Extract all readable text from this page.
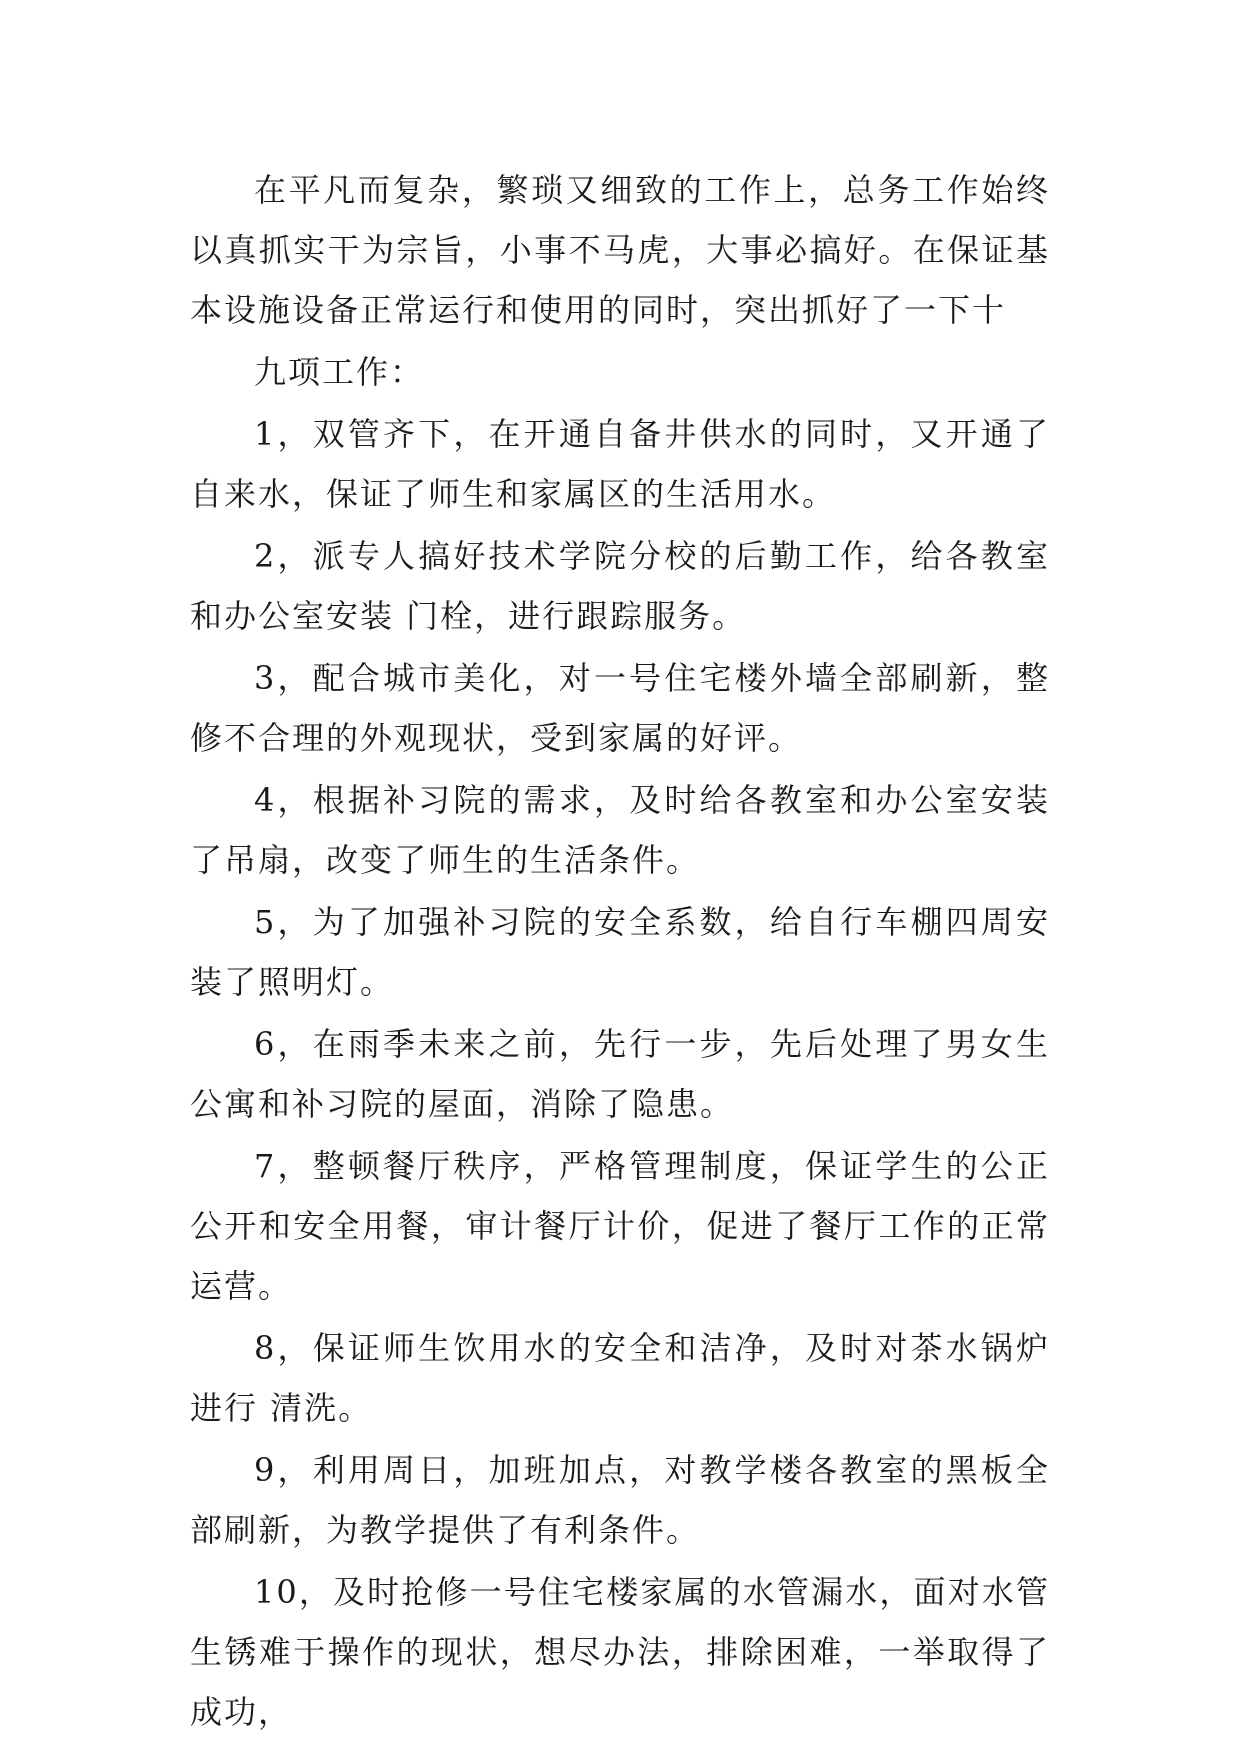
在平凡而复杂，繁琐又细致的工作上，总务工作始终以真抓实干为宗旨，小事不马虎，大事必搞好。在保证基本设施设备正常运行和使用的同时，突出抓好了一下十

九项工作：

1，双管齐下，在开通自备井供水的同时，又开通了自来水，保证了师生和家属区的生活用水。

2，派专人搞好技术学院分校的后勤工作，给各教室和办公室安装 门栓，进行跟踪服务。

3，配合城市美化，对一号住宅楼外墙全部刷新，整修不合理的外观现状，受到家属的好评。

4，根据补习院的需求，及时给各教室和办公室安装了吊扇，改变了师生的生活条件。

5，为了加强补习院的安全系数，给自行车棚四周安装了照明灯。

6，在雨季未来之前，先行一步，先后处理了男女生公寓和补习院的屋面，消除了隐患。

7，整顿餐厅秩序，严格管理制度，保证学生的公正公开和安全用餐，审计餐厅计价，促进了餐厅工作的正常运营。

8，保证师生饮用水的安全和洁净，及时对茶水锅炉进行 清洗。

9，利用周日，加班加点，对教学楼各教室的黑板全部刷新，为教学提供了有利条件。

10，及时抢修一号住宅楼家属的水管漏水，面对水管生锈难于操作的现状，想尽办法，排除困难，一举取得了成功，
